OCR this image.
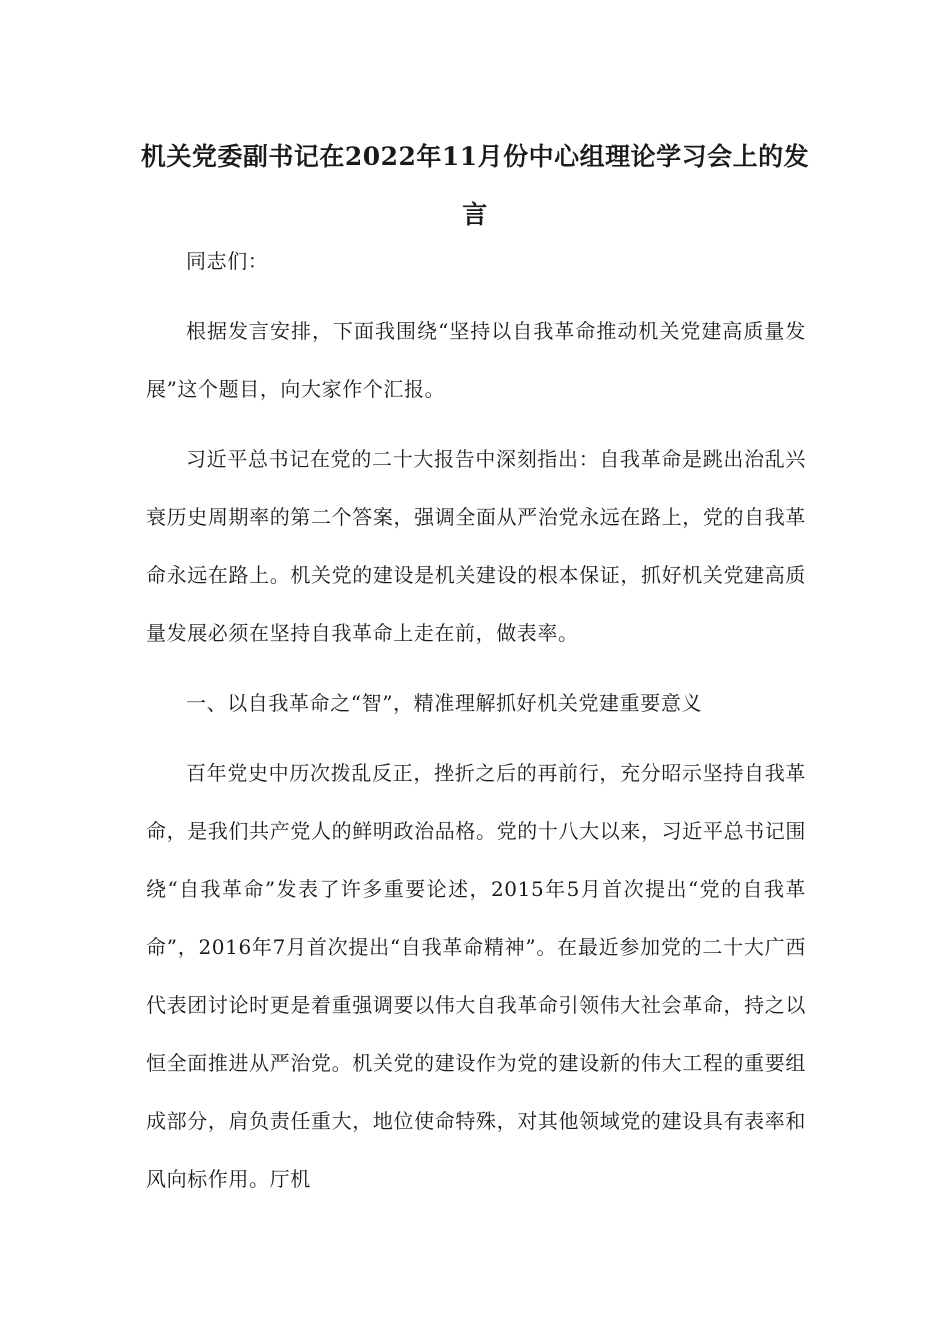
机关党委副书记在2022年11月份中心组理论学习会上的发言

同志们：

根据发言安排，下面我围绕“坚持以自我革命推动机关党建高质量发展”这个题目，向大家作个汇报。

习近平总书记在党的二十大报告中深刻指出：自我革命是跳出治乱兴衰历史周期率的第二个答案，强调全面从严治党永远在路上，党的自我革命永远在路上。机关党的建设是机关建设的根本保证，抓好机关党建高质量发展必须在坚持自我革命上走在前，做表率。

一、以自我革命之“智”，精准理解抓好机关党建重要意义

百年党史中历次拨乱反正，挫折之后的再前行，充分昭示坚持自我革命，是我们共产党人的鲜明政治品格。党的十八大以来，习近平总书记围绕“自我革命”发表了许多重要论述，2015年5月首次提出“党的自我革命”，2016年7月首次提出“自我革命精神”。在最近参加党的二十大广西代表团讨论时更是着重强调要以伟大自我革命引领伟大社会革命，持之以恒全面推进从严治党。机关党的建设作为党的建设新的伟大工程的重要组成部分，肩负责任重大，地位使命特殊，对其他领域党的建设具有表率和风向标作用。厅机
